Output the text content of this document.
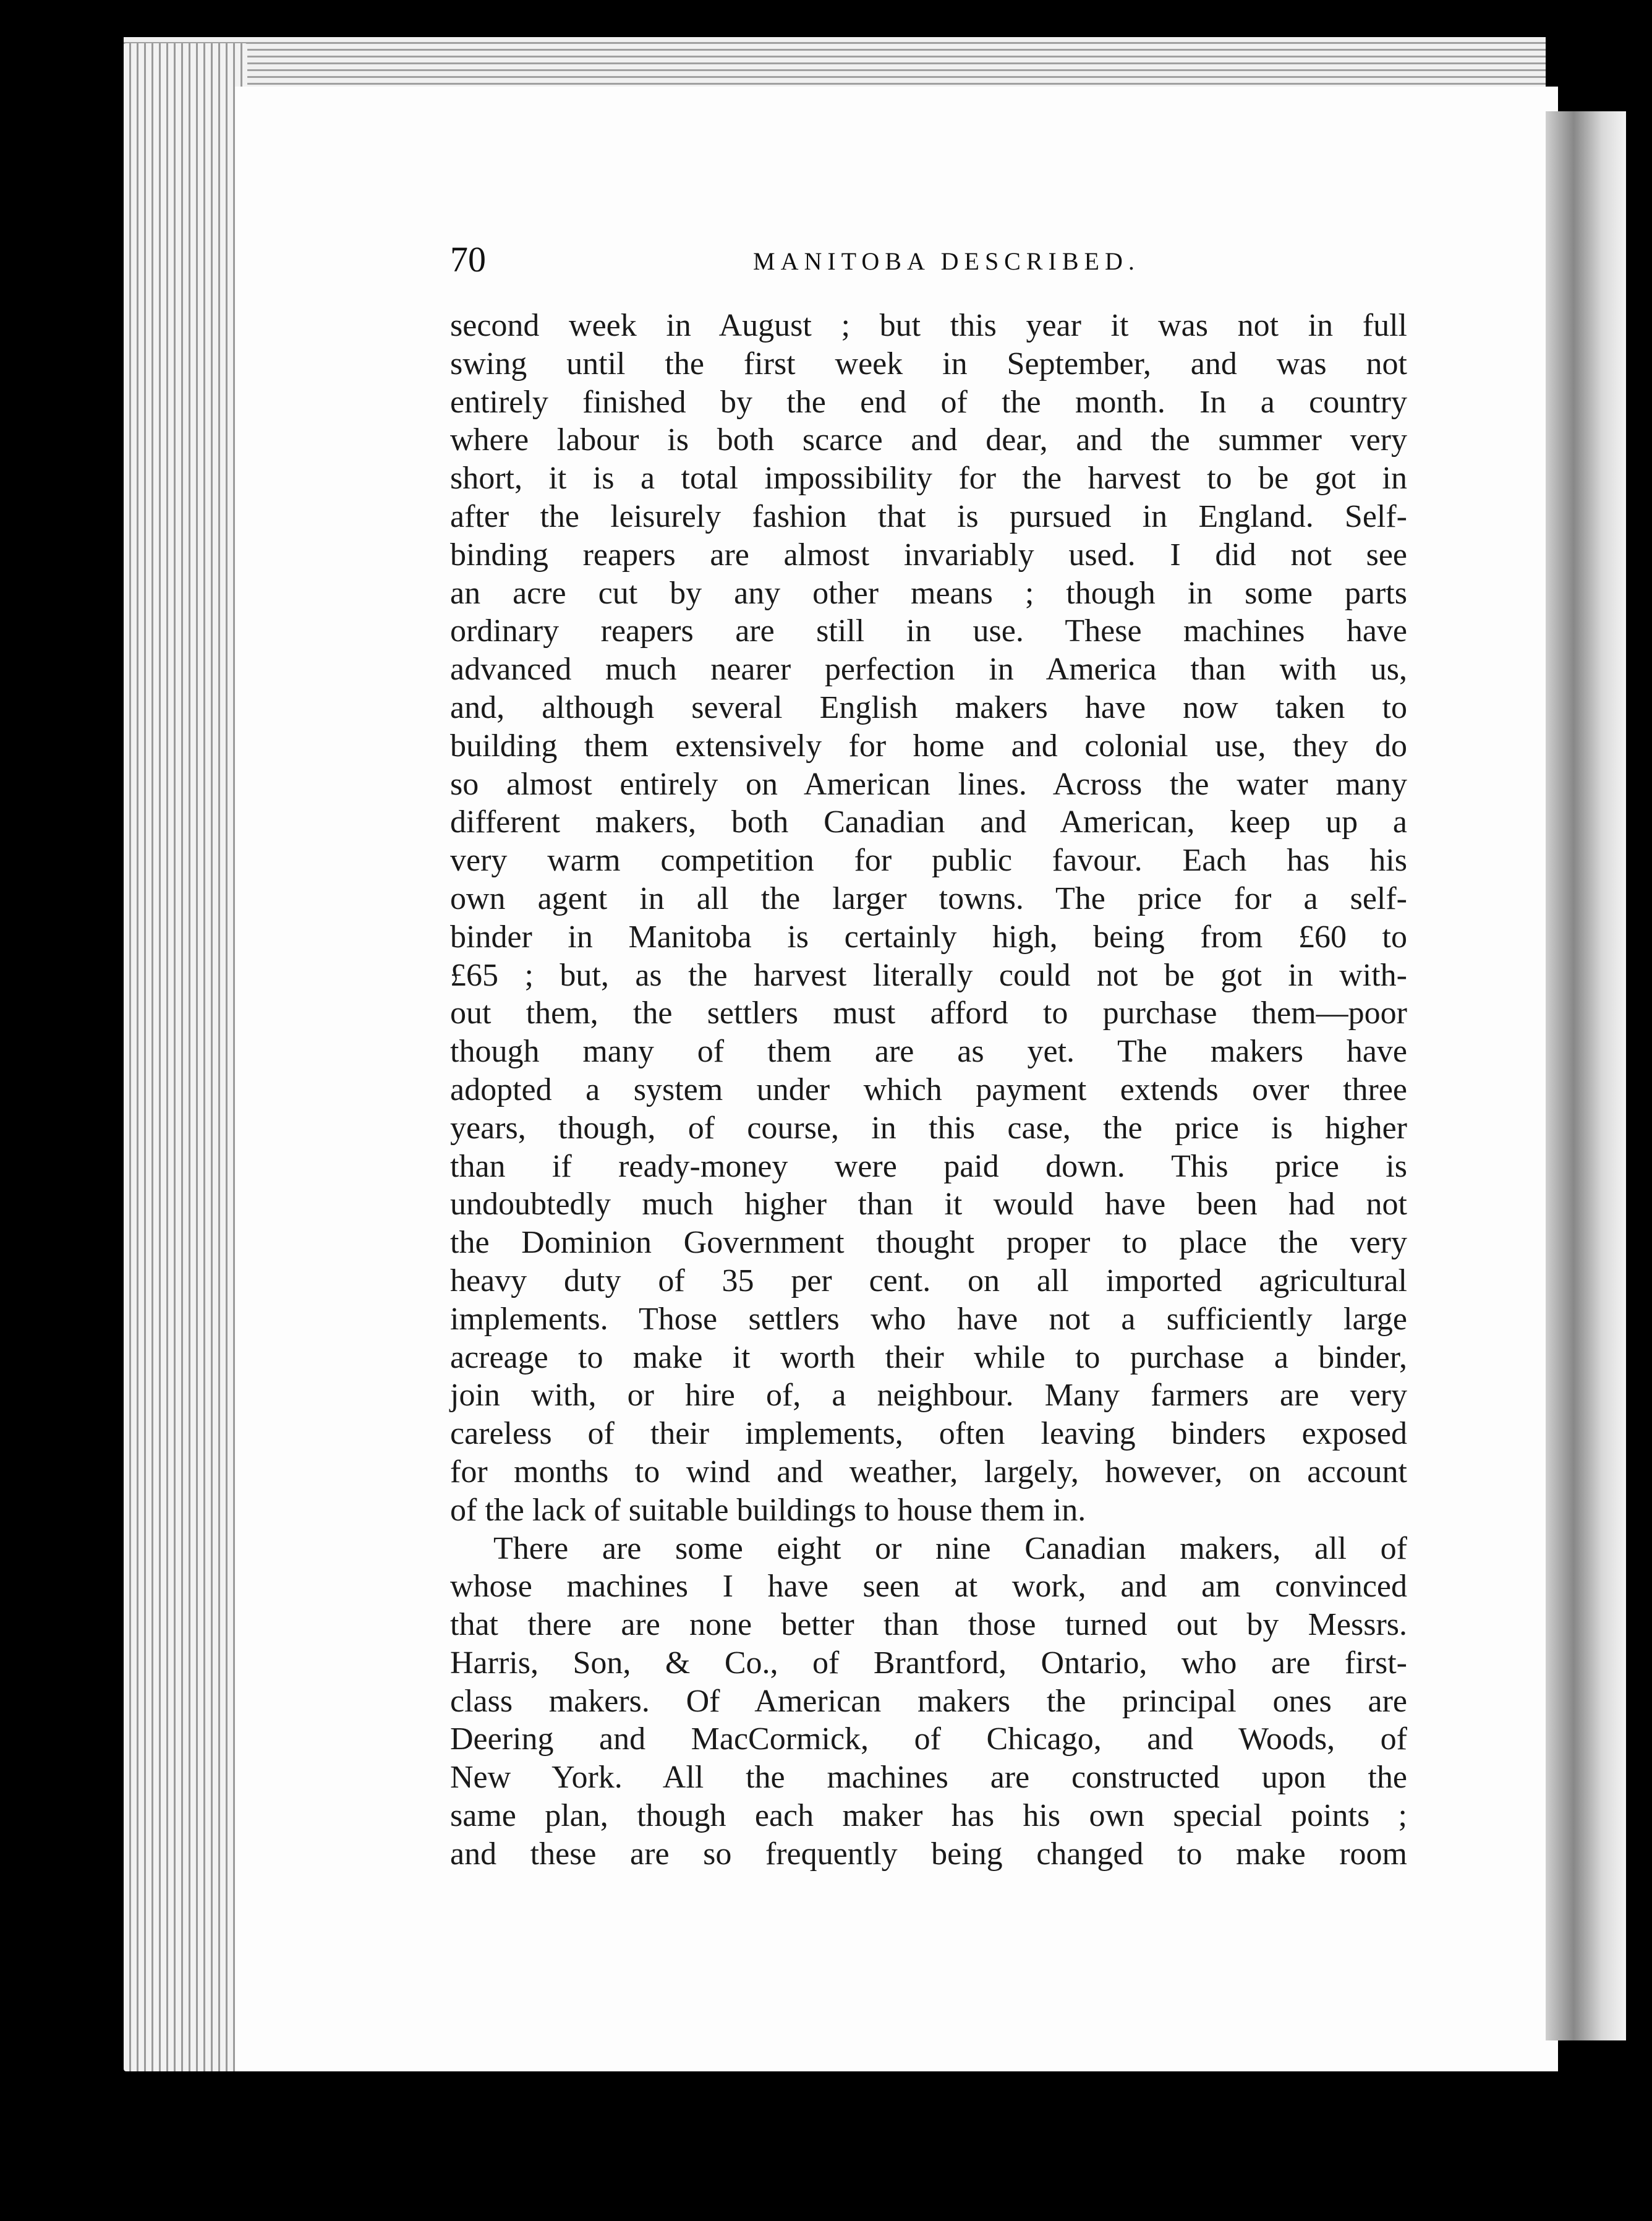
70	MANITOBA DESCRIBED.
second week in August ; but this year it was not in full
swing until the first week in September, and was not
entirely finished by the end of the month. In a country
where labour is both scarce and dear, and the summer very
short, it is a total impossibility for the harvest to be got in
after the leisurely fashion that is pursued in England. Self-
binding reapers are almost invariably used. I did not see
an acre cut by any other means ; though in some parts
ordinary reapers are still in use. These machines have
advanced much nearer perfection in America than with us,
and, although several English makers have now taken to
building them extensively for home and colonial use, they do
so almost entirely on American lines. Across the water many
different makers, both Canadian and American, keep up a
very warm competition for public favour. Each has his
own agent in all the larger towns. The price for a self-
binder in Manitoba is certainly high, being from £60 to
£65 ; but, as the harvest literally could not be got in with-
out them, the settlers must afford to purchase them—poor
though many of them are as yet. The makers have
adopted a system under which payment extends over three
years, though, of course, in this case, the price is higher
than if ready-money were paid down. This price is
undoubtedly much higher than it would have been had not
the Dominion Government thought proper to place the very
heavy duty of 35 per cent. on all imported agricultural
implements. Those settlers who have not a sufficiently large
acreage to make it worth their while to purchase a binder,
join with, or hire of, a neighbour. Many farmers are very
careless of their implements, often leaving binders exposed
for months to wind and weather, largely, however, on account
of the lack of suitable buildings to house them in.
There are some eight or nine Canadian makers, all of
whose machines I have seen at work, and am convinced
that there are none better than those turned out by Messrs.
Harris, Son, & Co., of Brantford, Ontario, who are first-
class makers. Of American makers the principal ones are
Deering and MacCormick, of Chicago, and Woods, of
New York. All the machines are constructed upon the
same plan, though each maker has his own special points ;
and these are so frequently being changed to make room
